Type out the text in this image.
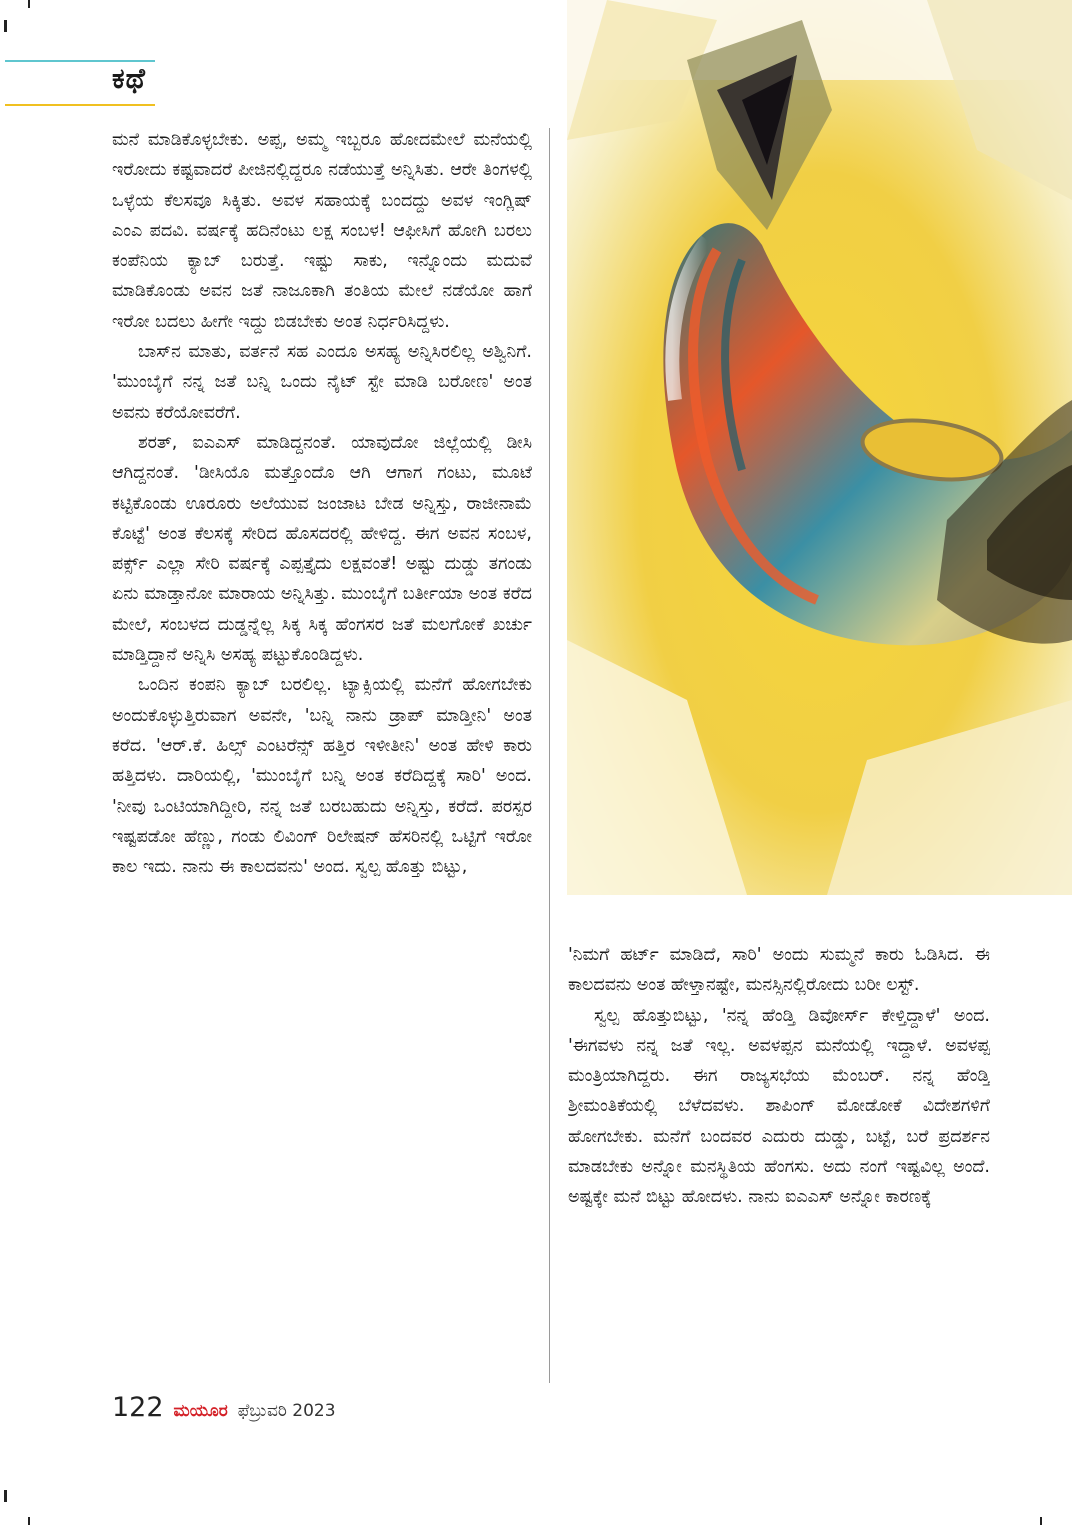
ಕಥೆ

ಮನೆ ಮಾಡಿಕೊಳ್ಳಬೇಕು. ಅಪ್ಪ, ಅಮ್ಮ ಇಬ್ಬರೂ ಹೋದಮೇಲೆ ಮನೆಯಲ್ಲಿ ಇರೋದು ಕಷ್ಟವಾದರೆ ಪೀಜಿನಲ್ಲಿದ್ದರೂ ನಡೆಯುತ್ತೆ ಅನ್ನಿಸಿತು. ಆರೇ ತಿಂಗಳಲ್ಲಿ ಒಳ್ಳೆಯ ಕೆಲಸವೂ ಸಿಕ್ಕಿತು. ಅವಳ ಸಹಾಯಕ್ಕೆ ಬಂದದ್ದು ಅವಳ ಇಂಗ್ಲಿಷ್ ಎಂಎ ಪದವಿ. ವರ್ಷಕ್ಕೆ ಹದಿನೆಂಟು ಲಕ್ಷ ಸಂಬಳ! ಆಫೀಸಿಗೆ ಹೋಗಿ ಬರಲು ಕಂಪೆನಿಯ ಕ್ಯಾಬ್ ಬರುತ್ತೆ. ಇಷ್ಟು ಸಾಕು, ಇನ್ನೊಂದು ಮದುವೆ ಮಾಡಿಕೊಂಡು ಅವನ ಜತೆ ನಾಜೂಕಾಗಿ ತಂತಿಯ ಮೇಲೆ ನಡೆಯೋ ಹಾಗೆ ಇರೋ ಬದಲು ಹೀಗೇ ಇದ್ದು ಬಿಡಬೇಕು ಅಂತ ನಿರ್ಧರಿಸಿದ್ದಳು.

ಬಾಸ್‌ನ ಮಾತು, ವರ್ತನೆ ಸಹ ಎಂದೂ ಅಸಹ್ಯ ಅನ್ನಿಸಿರಲಿಲ್ಲ ಅಶ್ವಿನಿಗೆ. 'ಮುಂಬೈಗೆ ನನ್ನ ಜತೆ ಬನ್ನಿ ಒಂದು ನೈಟ್ ಸ್ಟೇ ಮಾಡಿ ಬರೋಣ' ಅಂತ ಅವನು ಕರೆಯೋವರೆಗೆ.

ಶರತ್, ಐಎಎಸ್ ಮಾಡಿದ್ದನಂತೆ. ಯಾವುದೋ ಜಿಲ್ಲೆಯಲ್ಲಿ ಡೀಸಿ ಆಗಿದ್ದನಂತೆ. 'ಡೀಸಿಯೊ ಮತ್ತೊಂದೊ ಆಗಿ ಆಗಾಗ ಗಂಟು, ಮೂಟೆ ಕಟ್ಟಿಕೊಂಡು ಊರೂರು ಅಲೆಯುವ ಜಂಜಾಟ ಬೇಡ ಅನ್ನಿಸ್ತು, ರಾಜೀನಾಮೆ ಕೊಟ್ಟೆ' ಅಂತ ಕೆಲಸಕ್ಕೆ ಸೇರಿದ ಹೊಸದರಲ್ಲಿ ಹೇಳಿದ್ದ. ಈಗ ಅವನ ಸಂಬಳ, ಪರ್ಕ್ಸ್ ಎಲ್ಲಾ ಸೇರಿ ವರ್ಷಕ್ಕೆ ಎಪ್ಪತ್ತೈದು ಲಕ್ಷವಂತೆ! ಅಷ್ಟು ದುಡ್ಡು ತಗಂಡು ಏನು ಮಾಡ್ತಾನೋ ಮಾರಾಯ ಅನ್ನಿಸಿತ್ತು. ಮುಂಬೈಗೆ ಬರ್ತೀಯಾ ಅಂತ ಕರೆದ ಮೇಲೆ, ಸಂಬಳದ ದುಡ್ಡನ್ನೆಲ್ಲ ಸಿಕ್ಕ ಸಿಕ್ಕ ಹೆಂಗಸರ ಜತೆ ಮಲಗೋಕೆ ಖರ್ಚು ಮಾಡ್ತಿದ್ದಾನೆ ಅನ್ನಿಸಿ ಅಸಹ್ಯ ಪಟ್ಟುಕೊಂಡಿದ್ದಳು.

ಒಂದಿನ ಕಂಪನಿ ಕ್ಯಾಬ್ ಬರಲಿಲ್ಲ. ಟ್ಯಾಕ್ಸಿಯಲ್ಲಿ ಮನೆಗೆ ಹೋಗಬೇಕು ಅಂದುಕೊಳ್ಳುತ್ತಿರುವಾಗ ಅವನೇ, 'ಬನ್ನಿ ನಾನು ಡ್ರಾಪ್ ಮಾಡ್ತೀನಿ' ಅಂತ ಕರೆದ. 'ಆರ್.ಕೆ. ಹಿಲ್ಸ್ ಎಂಟರೆನ್ಸ್ ಹತ್ತಿರ ಇಳೀತೀನಿ' ಅಂತ ಹೇಳಿ ಕಾರು ಹತ್ತಿದಳು. ದಾರಿಯಲ್ಲಿ, 'ಮುಂಬೈಗೆ ಬನ್ನಿ ಅಂತ ಕರೆದಿದ್ದಕ್ಕೆ ಸಾರಿ' ಅಂದ. 'ನೀವು ಒಂಟಿಯಾಗಿದ್ದೀರಿ, ನನ್ನ ಜತೆ ಬರಬಹುದು ಅನ್ನಿಸ್ತು, ಕರೆದೆ. ಪರಸ್ಪರ ಇಷ್ಟಪಡೋ ಹೆಣ್ಣು, ಗಂಡು ಲಿವಿಂಗ್ ರಿಲೇಷನ್ ಹೆಸರಿನಲ್ಲಿ ಒಟ್ಟಿಗೆ ಇರೋ ಕಾಲ ಇದು. ನಾನು ಈ ಕಾಲದವನು' ಅಂದ. ಸ್ವಲ್ಪ ಹೊತ್ತು ಬಿಟ್ಟು,

'ನಿಮಗೆ ಹರ್ಟ್ ಮಾಡಿದೆ, ಸಾರಿ' ಅಂದು ಸುಮ್ಮನೆ ಕಾರು ಓಡಿಸಿದ. ಈ ಕಾಲದವನು ಅಂತ ಹೇಳ್ತಾನಷ್ಟೇ, ಮನಸ್ಸಿನಲ್ಲಿರೋದು ಬರೀ ಲಸ್ಟ್.

ಸ್ವಲ್ಪ ಹೊತ್ತುಬಿಟ್ಟು, 'ನನ್ನ ಹೆಂಡ್ತಿ ಡಿವೋರ್ಸ್ ಕೇಳ್ತಿದ್ದಾಳೆ' ಅಂದ. 'ಈಗವಳು ನನ್ನ ಜತೆ ಇಲ್ಲ. ಅವಳಪ್ಪನ ಮನೆಯಲ್ಲಿ ಇದ್ದಾಳೆ. ಅವಳಪ್ಪ ಮಂತ್ರಿಯಾಗಿದ್ದರು. ಈಗ ರಾಜ್ಯಸಭೆಯ ಮೆಂಬರ್. ನನ್ನ ಹೆಂಡ್ತಿ ಶ್ರೀಮಂತಿಕೆಯಲ್ಲಿ ಬೆಳೆದವಳು. ಶಾಪಿಂಗ್ ಮೋಡೋಕೆ ವಿದೇಶಗಳಿಗೆ ಹೋಗಬೇಕು. ಮನೆಗೆ ಬಂದವರ ಎದುರು ದುಡ್ಡು, ಬಟ್ಟೆ, ಬರೆ ಪ್ರದರ್ಶನ ಮಾಡಬೇಕು ಅನ್ನೋ ಮನಸ್ಥಿತಿಯ ಹೆಂಗಸು. ಅದು ನಂಗೆ ಇಷ್ಟವಿಲ್ಲ ಅಂದೆ. ಅಷ್ಟಕ್ಕೇ ಮನೆ ಬಿಟ್ಟು ಹೋದಳು. ನಾನು ಐಎಎಸ್ ಅನ್ನೋ ಕಾರಣಕ್ಕೆ

122 ಮಯೂರ ಫೆಬ್ರುವರಿ 2023
